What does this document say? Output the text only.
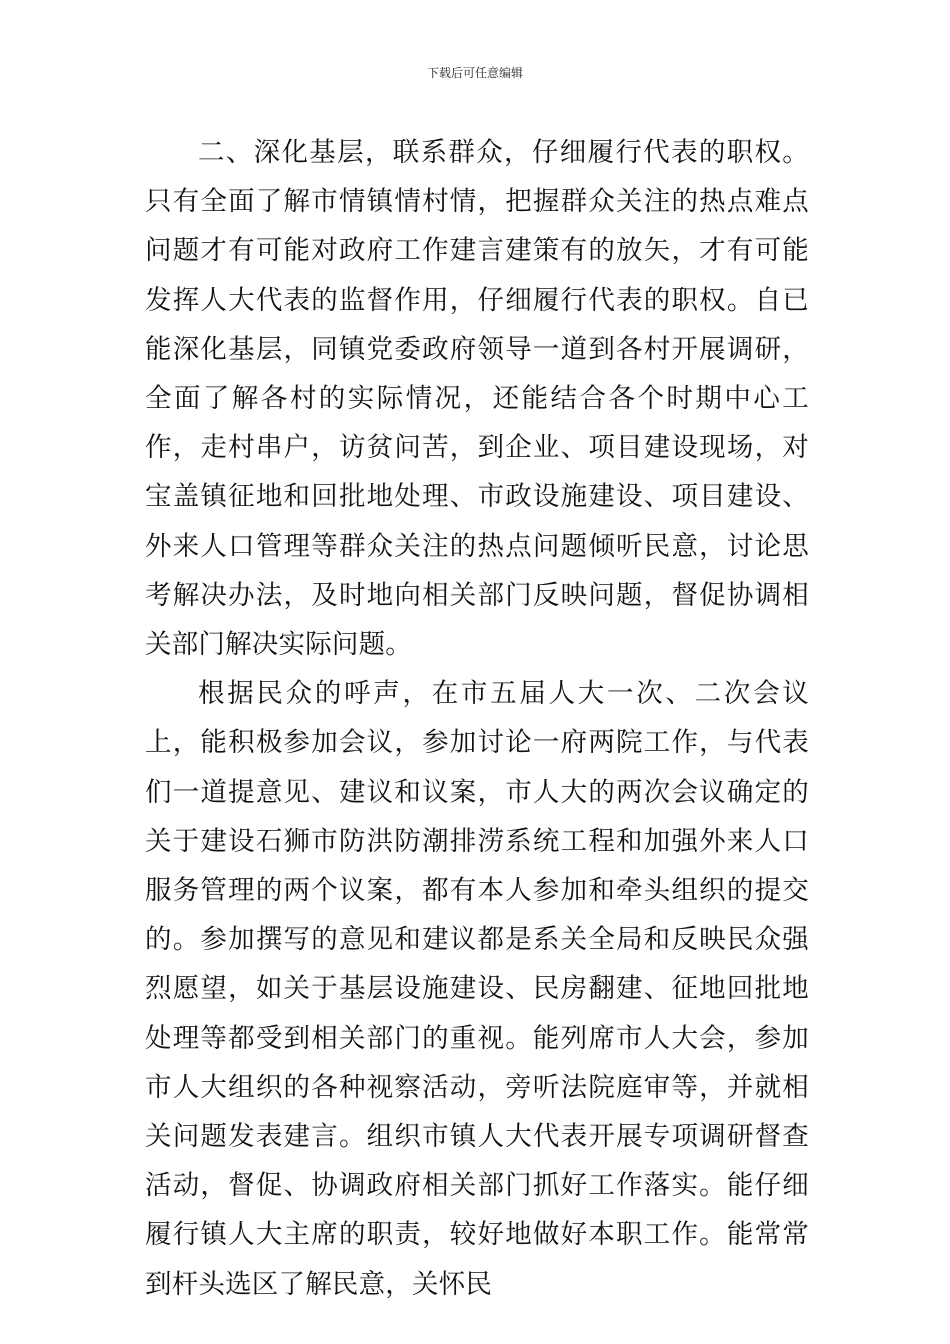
下载后可任意编辑

二、深化基层，联系群众，仔细履行代表的职权。只有全面了解市情镇情村情，把握群众关注的热点难点问题才有可能对政府工作建言建策有的放矢，才有可能发挥人大代表的监督作用，仔细履行代表的职权。自已能深化基层，同镇党委政府领导一道到各村开展调研，全面了解各村的实际情况，还能结合各个时期中心工作，走村串户，访贫问苦，到企业、项目建设现场，对宝盖镇征地和回批地处理、市政设施建设、项目建设、外来人口管理等群众关注的热点问题倾听民意，讨论思考解决办法，及时地向相关部门反映问题，督促协调相关部门解决实际问题。

根据民众的呼声，在市五届人大一次、二次会议上，能积极参加会议，参加讨论一府两院工作，与代表们一道提意见、建议和议案，市人大的两次会议确定的关于建设石狮市防洪防潮排涝系统工程和加强外来人口服务管理的两个议案，都有本人参加和牵头组织的提交的。参加撰写的意见和建议都是系关全局和反映民众强烈愿望，如关于基层设施建设、民房翻建、征地回批地处理等都受到相关部门的重视。能列席市人大会，参加市人大组织的各种视察活动，旁听法院庭审等，并就相关问题发表建言。组织市镇人大代表开展专项调研督查活动，督促、协调政府相关部门抓好工作落实。能仔细履行镇人大主席的职责，较好地做好本职工作。能常常到杆头选区了解民意，关怀民
